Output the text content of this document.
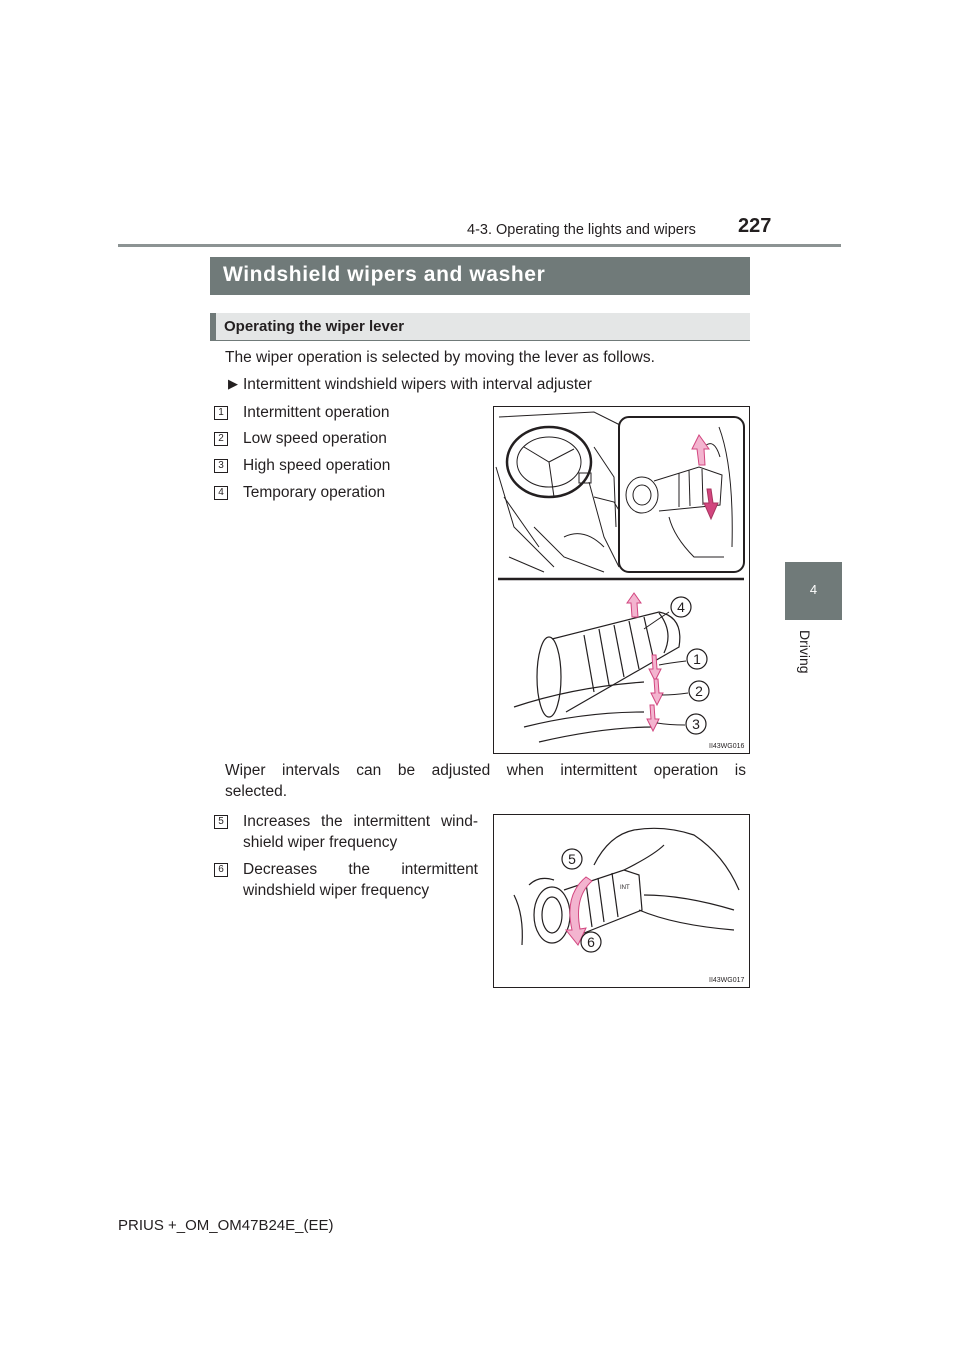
4-3. Operating the lights and wipers 227
4
Driving
Windshield wipers and washer
Operating the wiper lever
The wiper operation is selected by moving the lever as follows.
▶ Intermittent windshield wipers with interval adjuster
1 Intermittent operation
2 Low speed operation
3 High speed operation
4 Temporary operation
4
1
2
3
II43WG016
Wiper intervals can be adjusted when intermittent operation is
selected.
5 Increases the intermittent wind-
shield wiper frequency
6 Decreases the intermittent
windshield wiper frequency	INT
5
6
II43WG017
PRIUS +_OM_OM47B24E_(EE)
